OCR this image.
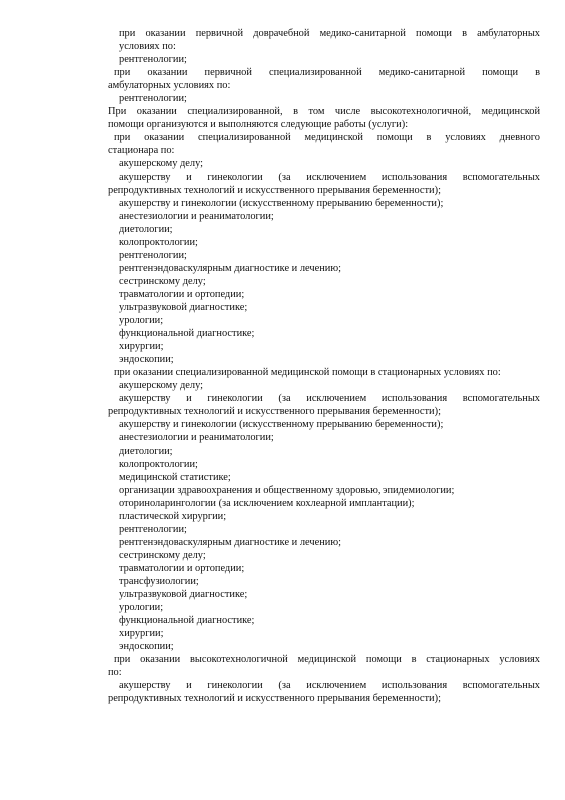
при оказании первичной доврачебной медико-санитарной помощи в амбулаторных
условиях по:
рентгенологии;
при оказании первичной специализированной медико-санитарной помощи в
амбулаторных условиях по:
рентгенологии;
При оказании специализированной, в том числе высокотехнологичной, медицинской
помощи организуются и выполняются следующие работы (услуги):
при оказании специализированной медицинской помощи в условиях дневного
стационара по:
акушерскому делу;
акушерству и гинекологии (за исключением использования вспомогательных
репродуктивных технологий и искусственного прерывания беременности);
акушерству и гинекологии (искусственному прерыванию беременности);
анестезиологии и реаниматологии;
диетологии;
колопроктологии;
рентгенологии;
рентгенэндоваскулярным диагностике и лечению;
сестринскому делу;
травматологии и ортопедии;
ультразвуковой диагностике;
урологии;
функциональной диагностике;
хирургии;
эндоскопии;
при оказании специализированной медицинской помощи в стационарных условиях по:
акушерскому делу;
акушерству и гинекологии (за исключением использования вспомогательных
репродуктивных технологий и искусственного прерывания беременности);
акушерству и гинекологии (искусственному прерыванию беременности);
анестезиологии и реаниматологии;
диетологии;
колопроктологии;
медицинской статистике;
организации здравоохранения и общественному здоровью, эпидемиологии;
оториноларингологии (за исключением кохлеарной имплантации);
пластической хирургии;
рентгенологии;
рентгенэндоваскулярным диагностике и лечению;
сестринскому делу;
травматологии и ортопедии;
трансфузиологии;
ультразвуковой диагностике;
урологии;
функциональной диагностике;
хирургии;
эндоскопии;
при оказании высокотехнологичной медицинской помощи в стационарных условиях
по:
акушерству и гинекологии (за исключением использования вспомогательных
репродуктивных технологий и искусственного прерывания беременности);
